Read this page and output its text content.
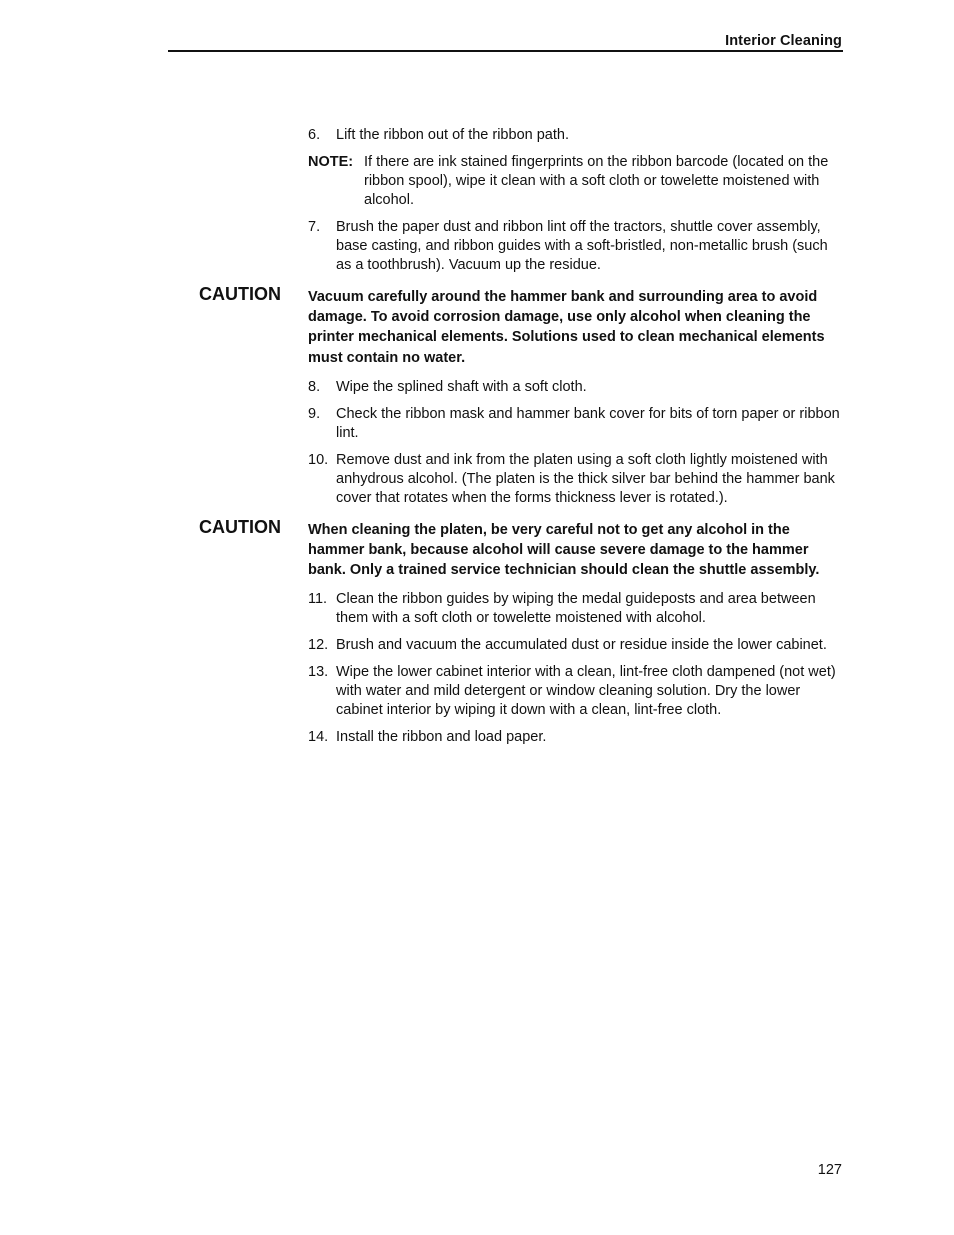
Interior Cleaning
6. Lift the ribbon out of the ribbon path.
NOTE: If there are ink stained fingerprints on the ribbon barcode (located on the ribbon spool), wipe it clean with a soft cloth or towelette moistened with alcohol.
7. Brush the paper dust and ribbon lint off the tractors, shuttle cover assembly, base casting, and ribbon guides with a soft-bristled, non-metallic brush (such as a toothbrush). Vacuum up the residue.
CAUTION Vacuum carefully around the hammer bank and surrounding area to avoid damage. To avoid corrosion damage, use only alcohol when cleaning the printer mechanical elements. Solutions used to clean mechanical elements must contain no water.
8. Wipe the splined shaft with a soft cloth.
9. Check the ribbon mask and hammer bank cover for bits of torn paper or ribbon lint.
10. Remove dust and ink from the platen using a soft cloth lightly moistened with anhydrous alcohol. (The platen is the thick silver bar behind the hammer bank cover that rotates when the forms thickness lever is rotated.).
CAUTION When cleaning the platen, be very careful not to get any alcohol in the hammer bank, because alcohol will cause severe damage to the hammer bank. Only a trained service technician should clean the shuttle assembly.
11. Clean the ribbon guides by wiping the medal guideposts and area between them with a soft cloth or towelette moistened with alcohol.
12. Brush and vacuum the accumulated dust or residue inside the lower cabinet.
13. Wipe the lower cabinet interior with a clean, lint-free cloth dampened (not wet) with water and mild detergent or window cleaning solution. Dry the lower cabinet interior by wiping it down with a clean, lint-free cloth.
14. Install the ribbon and load paper.
127
